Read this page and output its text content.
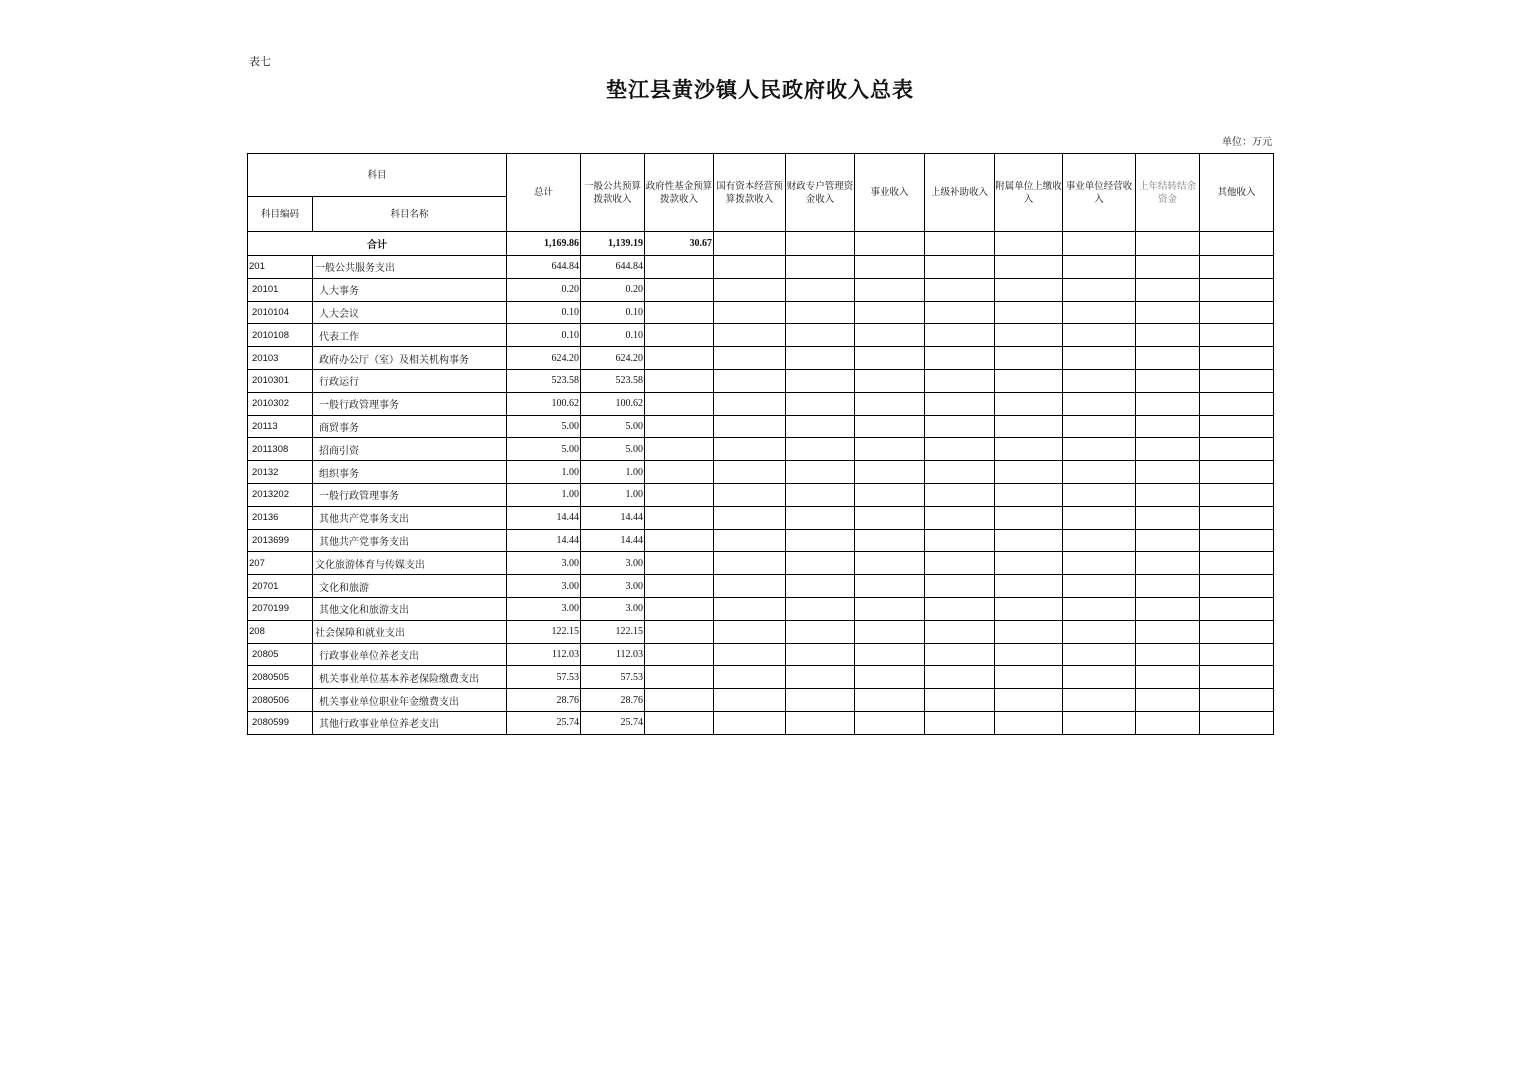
表七
垫江县黄沙镇人民政府收入总表
单位：万元
科目		总计	一般公共预算拨款收入	政府性基金预算拨款收入	国有资本经营预算拨款收入	财政专户管理资金收入	事业收入	上级补助收入	附属单位上缴收入	事业单位经营收入	上年结转结余资金	其他收入
科目编码	科目名称											
合计		1,169.86	1,139.19	30.67								
201	一般公共服务支出	644.84	644.84									
20101	人大事务	0.20	0.20									
2010104	人大会议	0.10	0.10									
2010108	代表工作	0.10	0.10									
20103	政府办公厅（室）及相关机构事务	624.20	624.20									
2010301	行政运行	523.58	523.58									
2010302	一般行政管理事务	100.62	100.62									
20113	商贸事务	5.00	5.00									
2011308	招商引资	5.00	5.00									
20132	组织事务	1.00	1.00									
2013202	一般行政管理事务	1.00	1.00									
20136	其他共产党事务支出	14.44	14.44									
2013699	其他共产党事务支出	14.44	14.44									
207	文化旅游体育与传媒支出	3.00	3.00									
20701	文化和旅游	3.00	3.00									
2070199	其他文化和旅游支出	3.00	3.00									
208	社会保障和就业支出	122.15	122.15									
20805	行政事业单位养老支出	112.03	112.03									
2080505	机关事业单位基本养老保险缴费支出	57.53	57.53									
2080506	机关事业单位职业年金缴费支出	28.76	28.76									
2080599	其他行政事业单位养老支出	25.74	25.74									
